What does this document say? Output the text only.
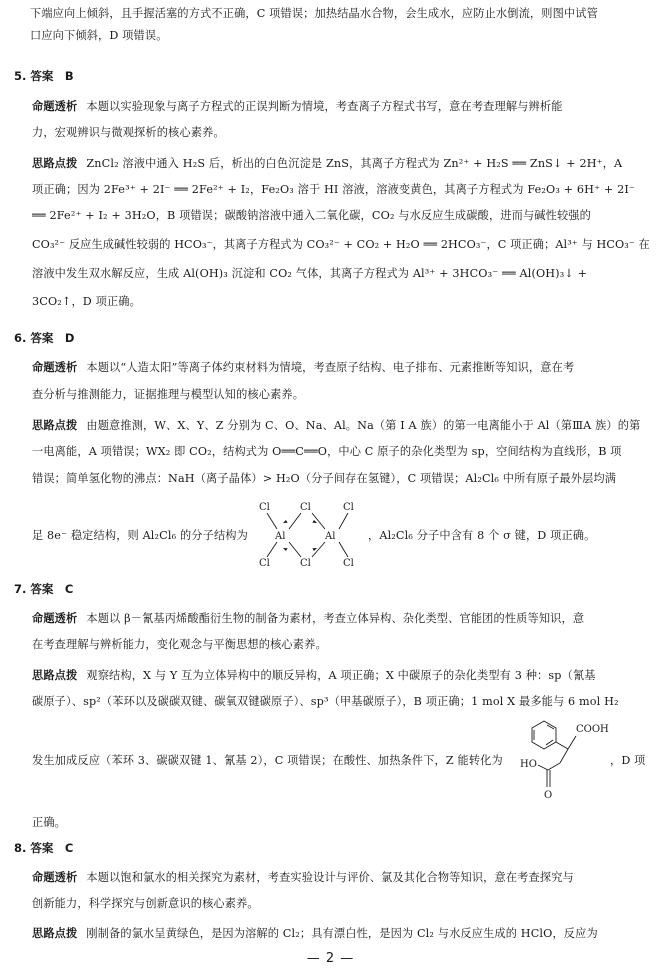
下端应向上倾斜，且手握活塞的方式不正确，C 项错误；加热结晶水合物，会生成水，应防止水倒流，则图中试管
口应向下倾斜，D 项错误。
5. 答案　B
命题透析 本题以实验现象与离子方程式的正误判断为情境，考查离子方程式书写，意在考查理解与辨析能
力，宏观辨识与微观探析的核心素养。
思路点拨 ZnCl₂ 溶液中通入 H₂S 后，析出的白色沉淀是 ZnS，其离子方程式为 Zn²⁺ + H₂S ══ ZnS↓ + 2H⁺，A
项正确；因为 2Fe³⁺ + 2I⁻ ══ 2Fe²⁺ + I₂，Fe₂O₃ 溶于 HI 溶液，溶液变黄色，其离子方程式为 Fe₂O₃ + 6H⁺ + 2I⁻
══ 2Fe²⁺ + I₂ + 3H₂O，B 项错误；碳酸钠溶液中通入二氧化碳，CO₂ 与水反应生成碳酸，进而与碱性较强的
CO₃²⁻ 反应生成碱性较弱的 HCO₃⁻，其离子方程式为 CO₃²⁻ + CO₂ + H₂O ══ 2HCO₃⁻，C 项正确；Al³⁺ 与 HCO₃⁻ 在
溶液中发生双水解反应，生成 Al(OH)₃ 沉淀和 CO₂ 气体，其离子方程式为 Al³⁺ + 3HCO₃⁻ ══ Al(OH)₃↓ +
3CO₂↑，D 项正确。
6. 答案　D
命题透析 本题以“人造太阳”等离子体约束材料为情境，考查原子结构、电子排布、元素推断等知识，意在考
查分析与推测能力，证据推理与模型认知的核心素养。
思路点拨 由题意推测，W、X、Y、Z 分别为 C、O、Na、Al。Na（第 Ⅰ A 族）的第一电离能小于 Al（第ⅢA 族）的第
一电离能，A 项错误；WX₂ 即 CO₂，结构式为 O══C══O，中心 C 原子的杂化类型为 sp，空间结构为直线形，B 项
错误；简单氢化物的沸点：NaH（离子晶体）> H₂O（分子间存在氢键），C 项错误；Al₂Cl₆ 中所有原子最外层均满
足 8e⁻ 稳定结构，则 Al₂Cl₆ 的分子结构为	，Al₂Cl₆ 分子中含有 8 个 σ 键，D 项正确。
Cl	Cl	Cl
Al	Al
Cl	Cl	Cl
7. 答案　C
命题透析 本题以 β－氰基丙烯酸酯衍生物的制备为素材，考查立体异构、杂化类型、官能团的性质等知识，意
在考查理解与辨析能力，变化观念与平衡思想的核心素养。
思路点拨 观察结构，X 与 Y 互为立体异构中的顺反异构，A 项正确；X 中碳原子的杂化类型有 3 种：sp（氰基
碳原子）、sp²（苯环以及碳碳双键、碳氧双键碳原子）、sp³（甲基碳原子），B 项正确；1 mol X 最多能与 6 mol H₂
发生加成反应（苯环 3、碳碳双键 1、氰基 2），C 项错误；在酸性、加热条件下，Z 能转化为	，D 项
正确。
COOH
HO
O
8. 答案　C
命题透析 本题以饱和氯水的相关探究为素材，考查实验设计与评价、氯及其化合物等知识，意在考查探究与
创新能力，科学探究与创新意识的核心素养。
思路点拨 刚制备的氯水呈黄绿色，是因为溶解的 Cl₂；具有漂白性，是因为 Cl₂ 与水反应生成的 HClO，反应为
— 2 —
